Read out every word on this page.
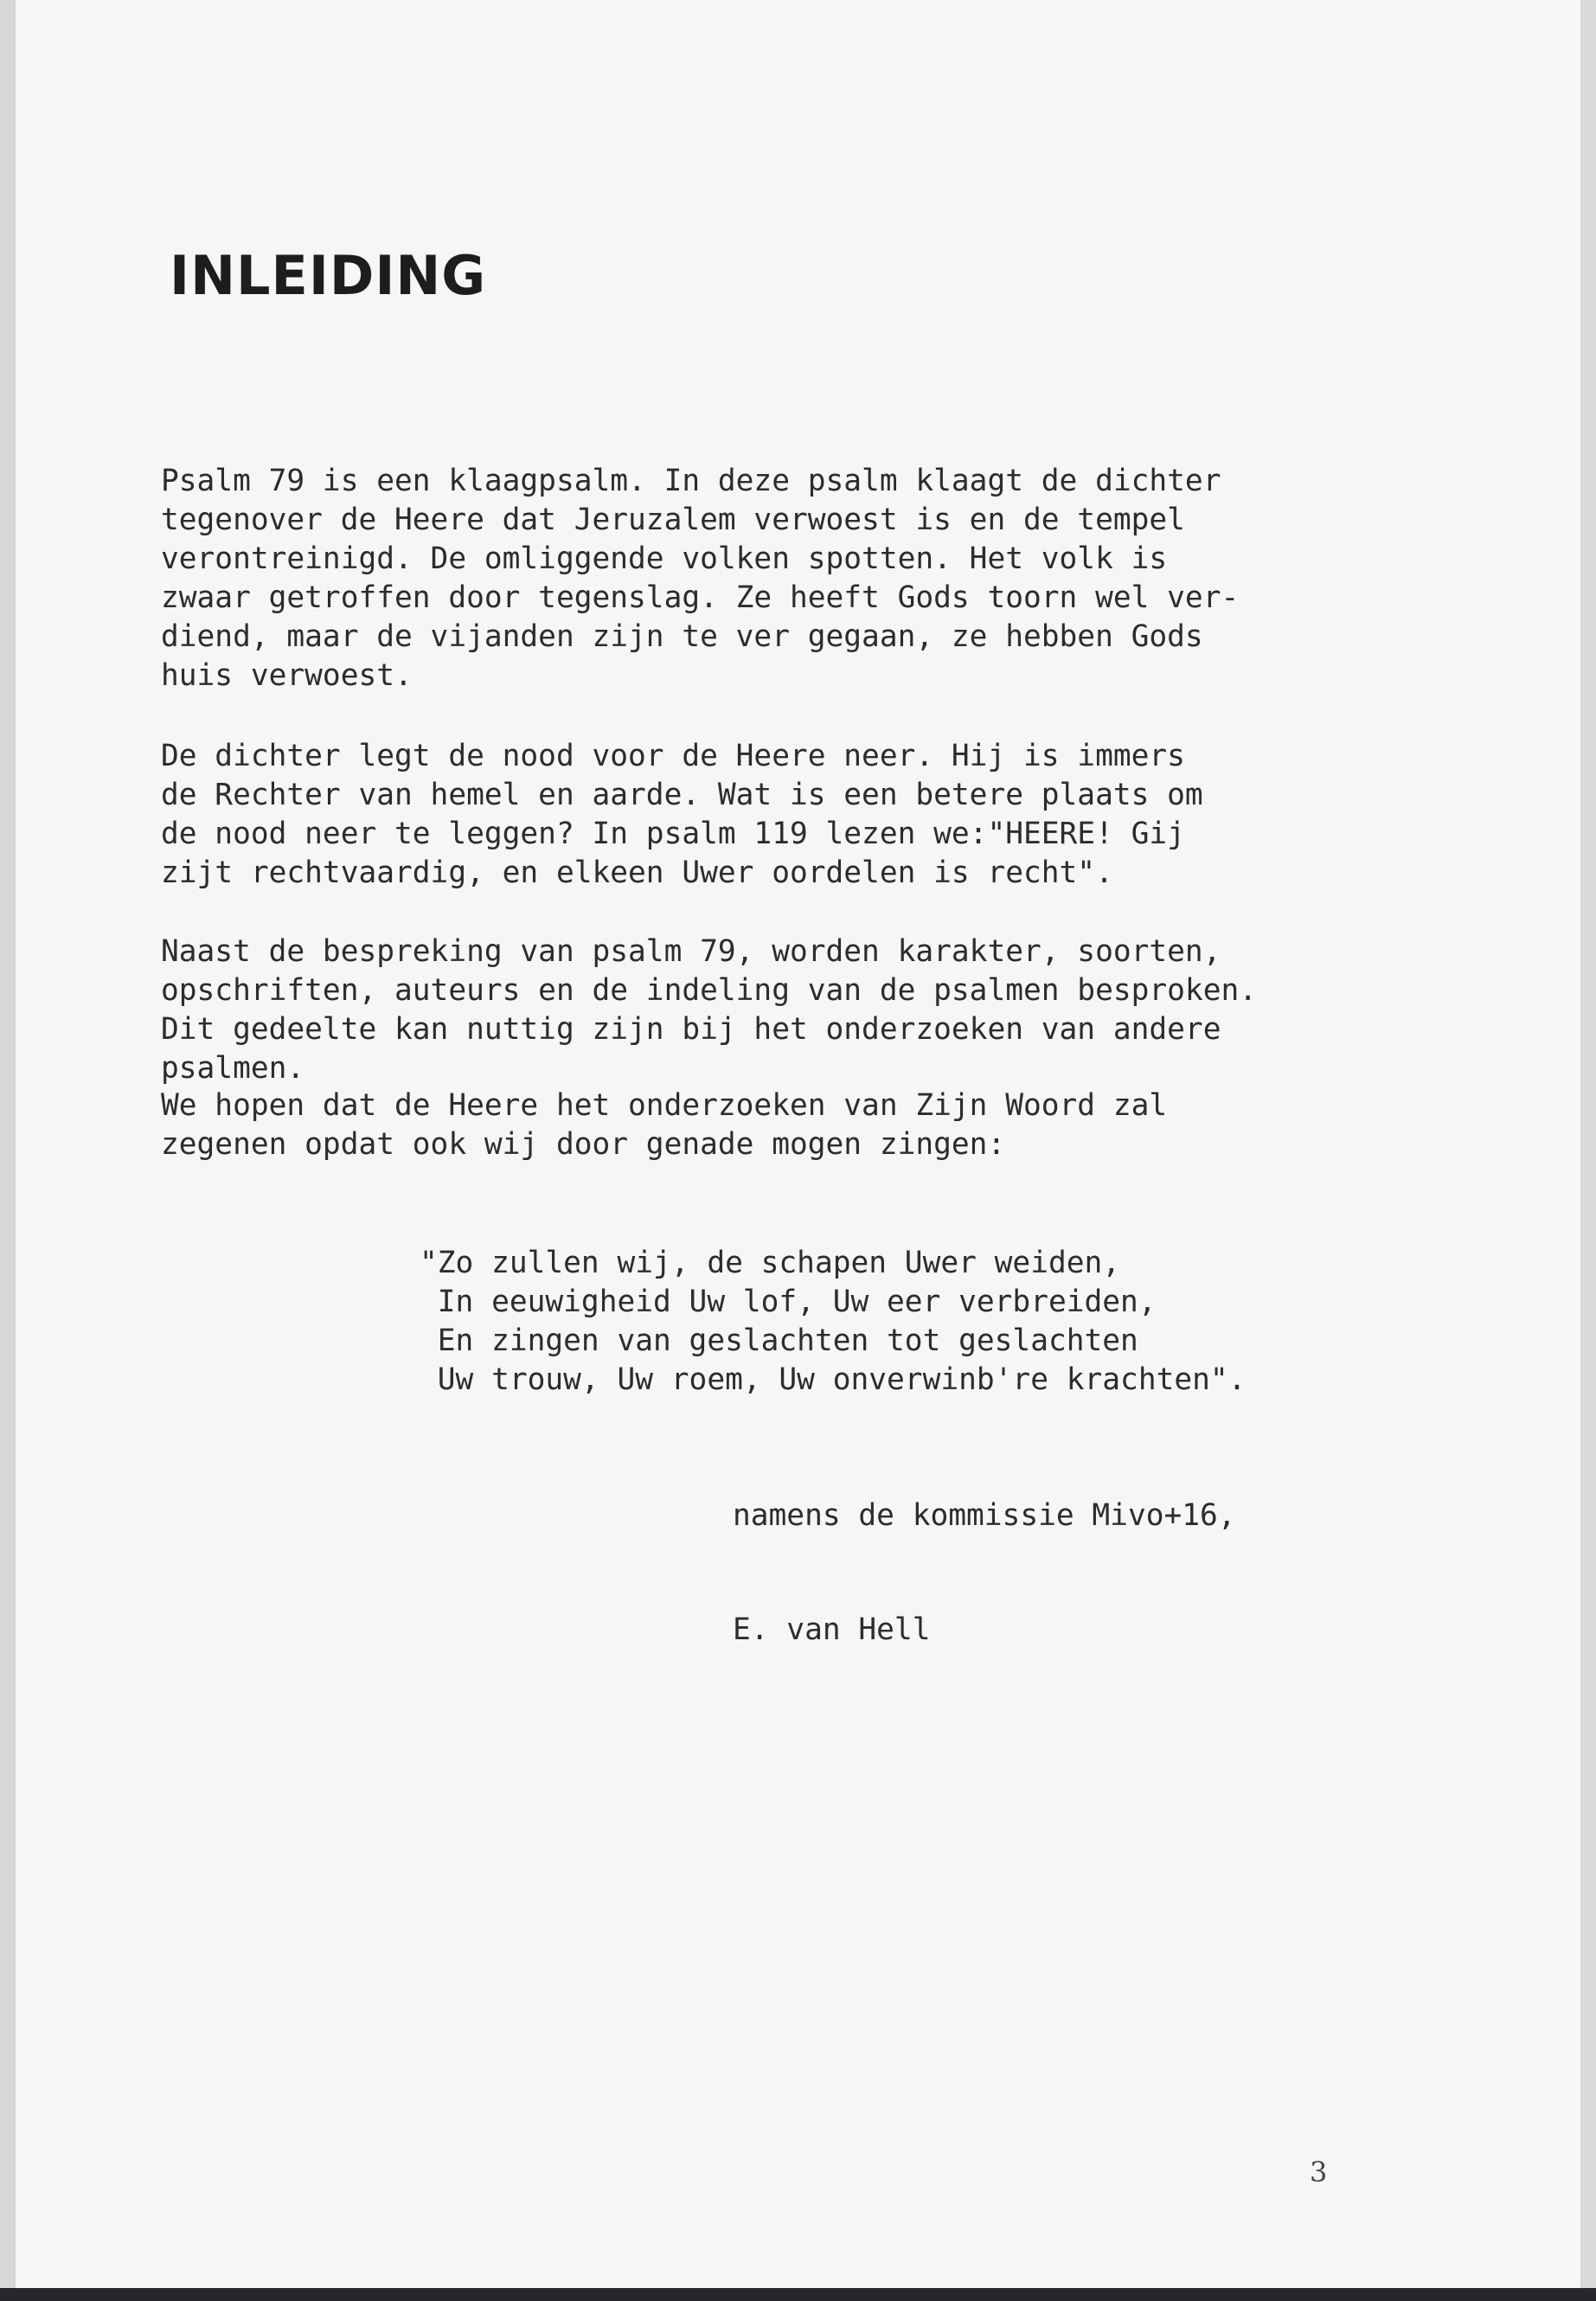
INLEIDING
Psalm 79 is een klaagpsalm. In deze psalm klaagt de dichter
tegenover de Heere dat Jeruzalem verwoest is en de tempel
verontreinigd. De omliggende volken spotten. Het volk is
zwaar getroffen door tegenslag. Ze heeft Gods toorn wel ver-
diend, maar de vijanden zijn te ver gegaan, ze hebben Gods
huis verwoest.
De dichter legt de nood voor de Heere neer. Hij is immers
de Rechter van hemel en aarde. Wat is een betere plaats om
de nood neer te leggen? In psalm 119 lezen we:"HEERE! Gij
zijt rechtvaardig, en elkeen Uwer oordelen is recht".
Naast de bespreking van psalm 79, worden karakter, soorten,
opschriften, auteurs en de indeling van de psalmen besproken.
Dit gedeelte kan nuttig zijn bij het onderzoeken van andere
psalmen.
We hopen dat de Heere het onderzoeken van Zijn Woord zal
zegenen opdat ook wij door genade mogen zingen:
"Zo zullen wij, de schapen Uwer weiden,
In eeuwigheid Uw lof, Uw eer verbreiden,
En zingen van geslachten tot geslachten
Uw trouw, Uw roem, Uw onverwinb're krachten".
namens de kommissie Mivo+16,
E. van Hell
3
